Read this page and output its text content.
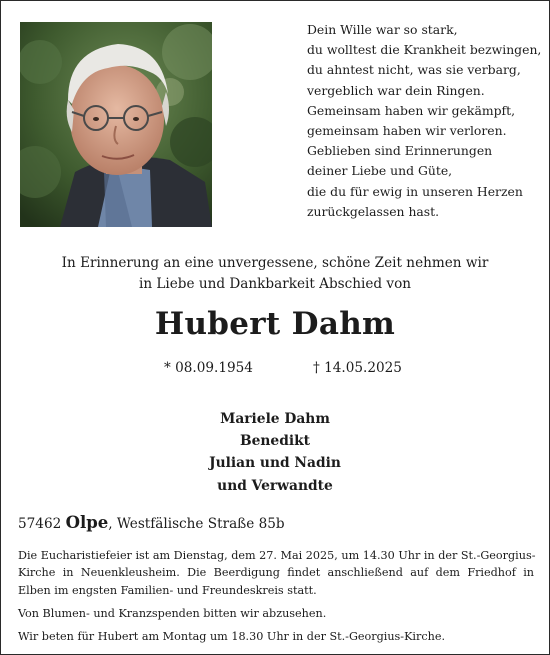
Dein Wille war so stark,
du wolltest die Krankheit bezwingen,
du ahntest nicht, was sie verbarg,
vergeblich war dein Ringen.
Gemeinsam haben wir gekämpft,
gemeinsam haben wir verloren.
Geblieben sind Erinnerungen
deiner Liebe und Güte,
die du für ewig in unseren Herzen
zurückgelassen hast.
In Erinnerung an eine unvergessene, schöne Zeit nehmen wir
in Liebe und Dankbarkeit Abschied von
Hubert Dahm
* 08.09.1954	† 14.05.2025
Mariele Dahm
Benedikt
Julian und Nadin
und Verwandte
57462 Olpe, Westfälische Straße 85b

Die Eucharistiefeier ist am Dienstag, dem 27. Mai 2025, um 14.30 Uhr in der St.-Georgius-

Kirche in Neuenkleusheim. Die Beerdigung findet anschließend auf dem Friedhof in

Elben im engsten Familien- und Freundeskreis statt.

Von Blumen- und Kranzspenden bitten wir abzusehen.

Wir beten für Hubert am Montag um 18.30 Uhr in der St.-Georgius-Kirche.
